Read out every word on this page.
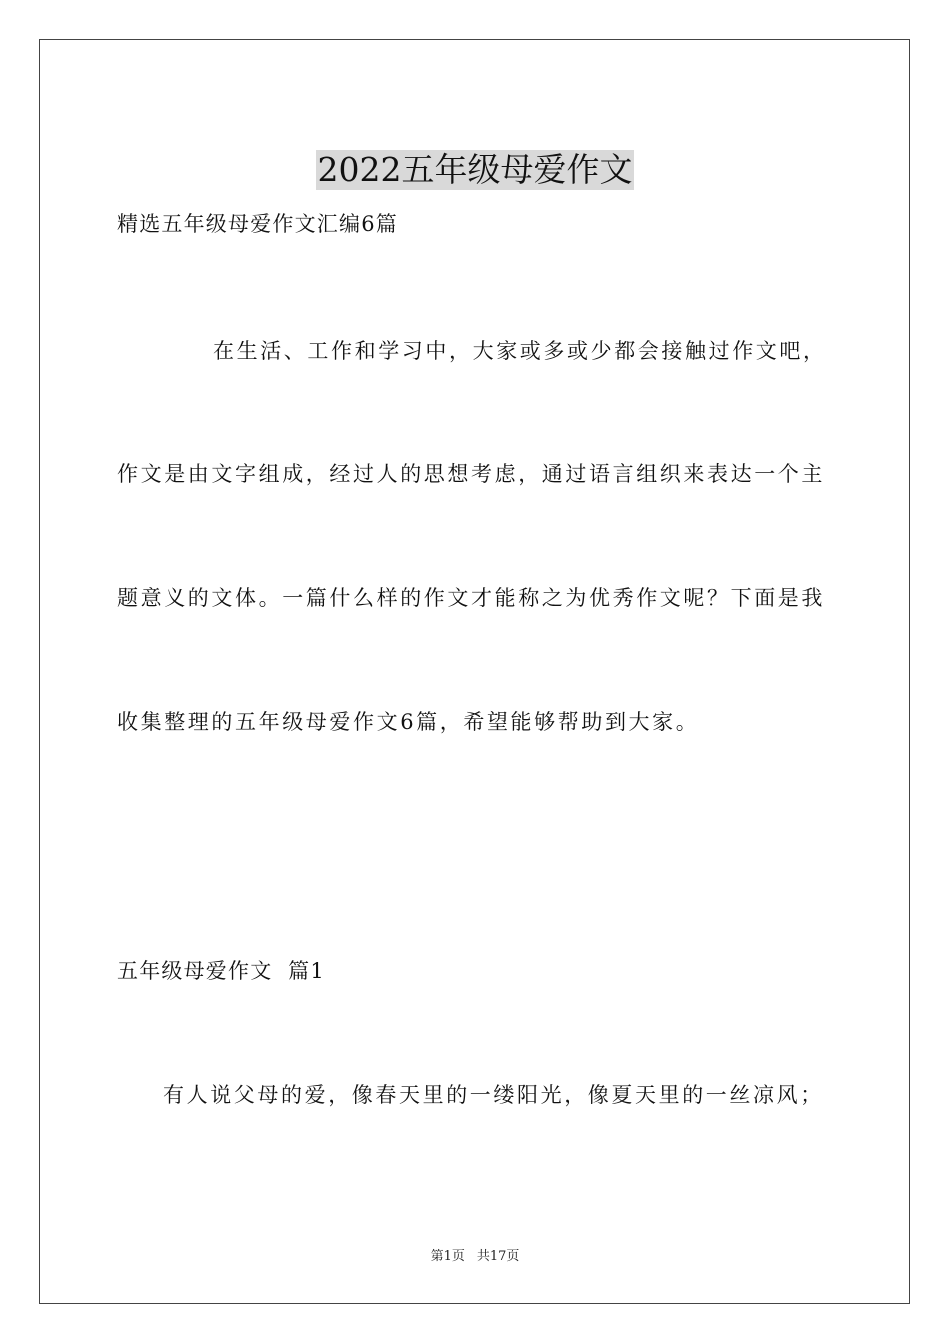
2022五年级母爱作文
精选五年级母爱作文汇编6篇
在生活、工作和学习中，大家或多或少都会接触过作文吧，
作文是由文字组成，经过人的思想考虑，通过语言组织来表达一个主
题意义的文体。一篇什么样的作文才能称之为优秀作文呢？下面是我
收集整理的五年级母爱作文6篇，希望能够帮助到大家。
五年级母爱作文  篇1
有人说父母的爱，像春天里的一缕阳光，像夏天里的一丝凉风；
第1页 共17页
